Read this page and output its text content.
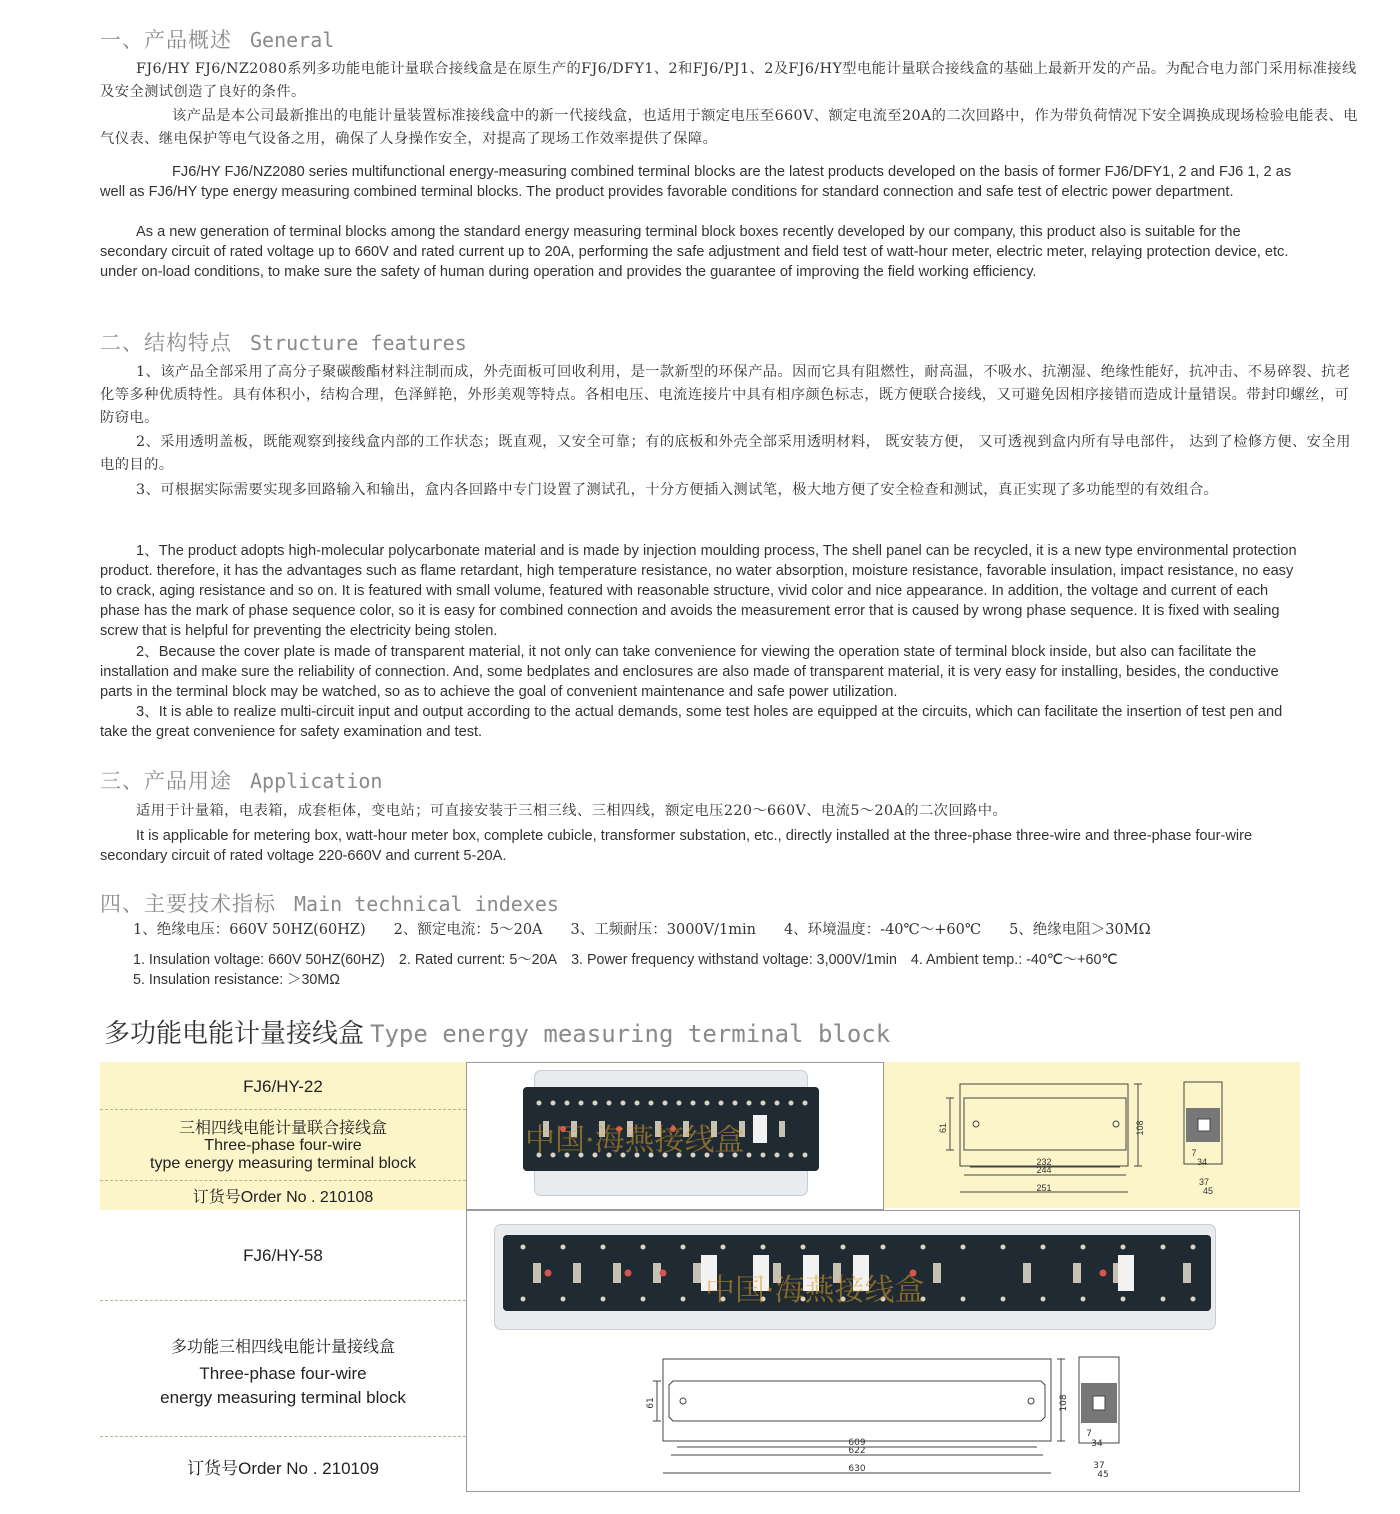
一、产品概述 General

FJ6/HY FJ6/NZ2080系列多功能电能计量联合接线盒是在原生产的FJ6/DFY1、2和FJ6/PJ1、2及FJ6/HY型电能计量联合接线盒的基础上最新开发的产品。为配合电力部门采用标准接线及安全测试创造了良好的条件。

该产品是本公司最新推出的电能计量装置标准接线盒中的新一代接线盒，也适用于额定电压至660V、额定电流至20A的二次回路中，作为带负荷情况下安全调换成现场检验电能表、电气仪表、继电保护等电气设备之用，确保了人身操作安全，对提高了现场工作效率提供了保障。

FJ6/HY FJ6/NZ2080 series multifunctional energy-measuring combined terminal blocks are the latest products developed on the basis of former FJ6/DFY1, 2 and FJ6 1, 2 as well as FJ6/HY type energy measuring combined terminal blocks. The product provides favorable conditions for standard connection and safe test of electric power department.

As a new generation of terminal blocks among the standard energy measuring terminal block boxes recently developed by our company, this product also is suitable for the secondary circuit of rated voltage up to 660V and rated current up to 20A, performing the safe adjustment and field test of watt-hour meter, electric meter, relaying protection device, etc. under on-load conditions, to make sure the safety of human during operation and provides the guarantee of improving the field working efficiency.

二、结构特点 Structure features

1、该产品全部采用了高分子聚碳酸酯材料注制而成，外壳面板可回收利用，是一款新型的环保产品。因而它具有阻燃性，耐高温，不吸水、抗潮湿、绝缘性能好，抗冲击、不易碎裂、抗老化等多种优质特性。具有体积小，结构合理，色泽鲜艳，外形美观等特点。各相电压、电流连接片中具有相序颜色标志，既方便联合接线，又可避免因相序接错而造成计量错误。带封印螺丝，可防窃电。

2、采用透明盖板，既能观察到接线盒内部的工作状态；既直观，又安全可靠；有的底板和外壳全部采用透明材料， 既安装方便， 又可透视到盒内所有导电部件， 达到了检修方便、安全用电的目的。

3、可根据实际需要实现多回路输入和输出，盒内各回路中专门设置了测试孔，十分方便插入测试笔，极大地方便了安全检查和测试，真正实现了多功能型的有效组合。

1、The product adopts high-molecular polycarbonate material and is made by injection moulding process, The shell panel can be recycled, it is a new type environmental protection product. therefore, it has the advantages such as flame retardant, high temperature resistance, no water absorption, moisture resistance, favorable insulation, impact resistance, no easy to crack, aging resistance and so on. It is featured with small volume, featured with reasonable structure, vivid color and nice appearance. In addition, the voltage and current of each phase has the mark of phase sequence color, so it is easy for combined connection and avoids the measurement error that is caused by wrong phase sequence. It is fixed with sealing screw that is helpful for preventing the electricity being stolen.

2、Because the cover plate is made of transparent material, it not only can take convenience for viewing the operation state of terminal block inside, but also can facilitate the installation and make sure the reliability of connection. And, some bedplates and enclosures are also made of transparent material, it is very easy for installing, besides, the conductive parts in the terminal block may be watched, so as to achieve the goal of convenient maintenance and safe power utilization.

3、It is able to realize multi-circuit input and output according to the actual demands, some test holes are equipped at the circuits, which can facilitate the insertion of test pen and take the great convenience for safety examination and test.

三、产品用途 Application

适用于计量箱，电表箱，成套柜体，变电站；可直接安装于三相三线、三相四线，额定电压220～660V、电流5～20A的二次回路中。

It is applicable for metering box, watt-hour meter box, complete cubicle, transformer substation, etc., directly installed at the three-phase three-wire and three-phase four-wire secondary circuit of rated voltage 220-660V and current 5-20A.

四、主要技术指标 Main technical indexes
1、绝缘电压：660V 50HZ(60HZ) 2、额定电流：5～20A 3、工频耐压：3000V/1min 4、环境温度：-40℃～+60℃ 5、绝缘电阻＞30MΩ
1. Insulation voltage: 660V 50HZ(60HZ) 2. Rated current: 5～20A 3. Power frequency withstand voltage: 3,000V/1min 4. Ambient temp.: -40℃～+60℃
5. Insulation resistance: ＞30MΩ
多功能电能计量接线盒 Type energy measuring terminal block
FJ6/HY-22
三相四线电能计量联合接线盒
Three-phase four-wire
type energy measuring terminal block
订货号Order No . 210108
中国·海燕接线盒	61	108
232
244
251
7
34
37
45
FJ6/HY-58
多功能三相四线电能计量接线盒
Three-phase four-wire
energy measuring terminal block
订货号Order No . 210109
中国·海燕接线盒
61	108
609
622
630
7
34
37
45
